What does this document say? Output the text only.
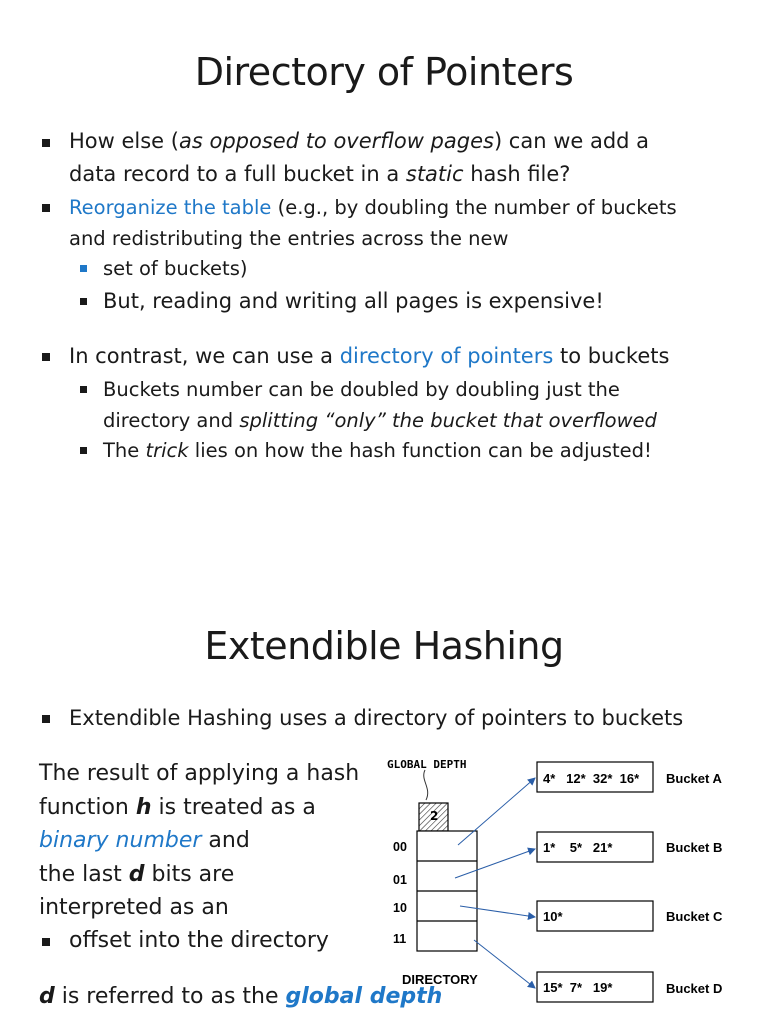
Directory of Pointers
How else (as opposed to overflow pages) can we add a
data record to a full bucket in a static hash file?
Reorganize the table (e.g., by doubling the number of buckets
and redistributing the entries across the new
set of buckets)
But, reading and writing all pages is expensive!
In contrast, we can use a directory of pointers to buckets
Buckets number can be doubled by doubling just the
directory and splitting “only” the bucket that overflowed
The trick lies on how the hash function can be adjusted!
Extendible Hashing
Extendible Hashing uses a directory of pointers to buckets
The result of applying a hash
function h is treated as a
binary number and
the last d bits are
interpreted as an
offset into the directory
d is referred to as the global depth
GLOBAL DEPTH
2
00
01
10
11
DIRECTORY
4*   12*  32*  16* Bucket A
1*    5*   21*	Bucket B
10*	Bucket C
15*  7*   19*	Bucket D
